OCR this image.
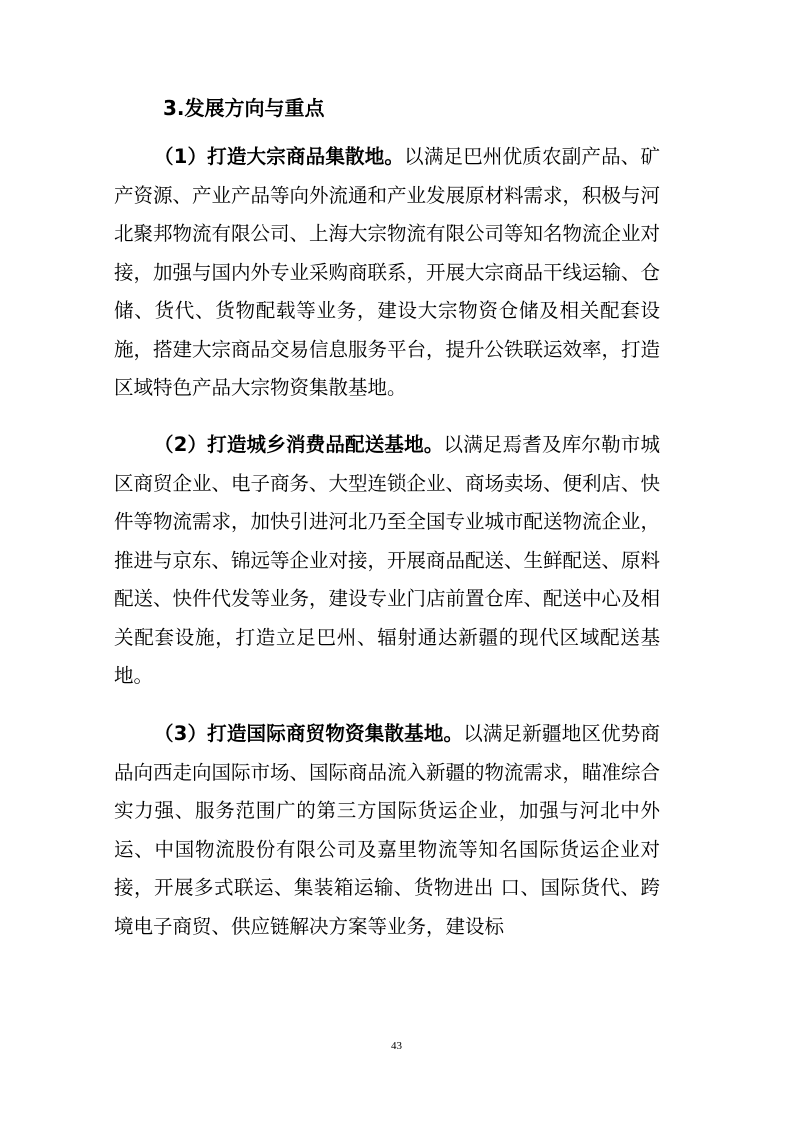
3.发展方向与重点
（1）打造大宗商品集散地。以满足巴州优质农副产品、矿产资源、产业产品等向外流通和产业发展原材料需求，积极与河北聚邦物流有限公司、上海大宗物流有限公司等知名物流企业对接，加强与国内外专业采购商联系，开展大宗商品干线运输、仓储、货代、货物配载等业务，建设大宗物资仓储及相关配套设施，搭建大宗商品交易信息服务平台，提升公铁联运效率，打造区域特色产品大宗物资集散基地。
（2）打造城乡消费品配送基地。以满足焉耆及库尔勒市城区商贸企业、电子商务、大型连锁企业、商场卖场、便利店、快件等物流需求，加快引进河北乃至全国专业城市配送物流企业，推进与京东、锦远等企业对接，开展商品配送、生鲜配送、原料配送、快件代发等业务，建设专业门店前置仓库、配送中心及相关配套设施，打造立足巴州、辐射通达新疆的现代区域配送基地。
（3）打造国际商贸物资集散基地。以满足新疆地区优势商品向西走向国际市场、国际商品流入新疆的物流需求，瞄准综合实力强、服务范围广的第三方国际货运企业，加强与河北中外运、中国物流股份有限公司及嘉里物流等知名国际货运企业对接，开展多式联运、集装箱运输、货物进出 口、国际货代、跨境电子商贸、供应链解决方案等业务，建设标
43
